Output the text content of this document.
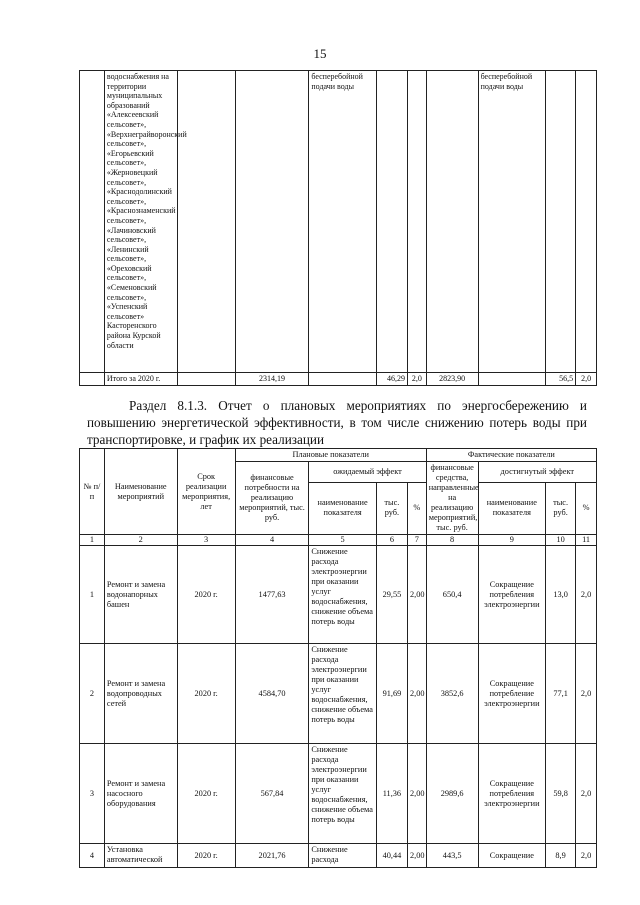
15
	водоснабжения на территории муниципальных образований «Алексеевский сельсовет», «Верхнеграйворонский сельсовет», «Егорьевский сельсовет», «Жерновецкий сельсовет», «Краснодолинский сельсовет», «Краснознаменский сельсовет», «Лачиновский сельсовет», «Ленинский сельсовет», «Ореховский сельсовет», «Семеновский сельсовет», «Успенский сельсовет» Касторенского района Курской области			бесперебойной подачи воды				бесперебойной подачи воды		
	Итого за 2020 г.		2314,19		46,29	2,0	2823,90		56,5	2,0
Раздел 8.1.3. Отчет о плановых мероприятиях по энергосбережению и повышению энергетической эффективности, в том числе снижению потерь воды при транспортировке, и график их реализации
№ п/п	Наименование мероприятий	Срок реализации мероприятия, лет	Плановые показатели				Фактические показатели			
			финансовые потребности на реализацию мероприятий, тыс. руб.	ожидаемый эффект			финансовые средства, направленные на реализацию мероприятий, тыс. руб.	достигнутый эффект		
				наименование показателя	тыс. руб.	%		наименование показателя	тыс. руб.	%
1	2	3	4	5	6	7	8	9	10	11
1	Ремонт и замена водонапорных башен	2020 г.	1477,63	Снижение расхода электроэнергии при оказании услуг водоснабжения, снижение объема потерь воды	29,55	2,00	650,4	Сокращение потребления электроэнергии	13,0	2,0
2	Ремонт и замена водопроводных сетей	2020 г.	4584,70	Снижение расхода электроэнергии при оказании услуг водоснабжения, снижение объема потерь воды	91,69	2,00	3852,6	Сокращение потребление электроэнергии	77,1	2,0
3	Ремонт и замена насосного оборудования	2020 г.	567,84	Снижение расхода электроэнергии при оказании услуг водоснабжения, снижение объема потерь воды	11,36	2,00	2989,6	Сокращение потребления электроэнергии	59,8	2,0
4	Установка автоматической	2020 г.	2021,76	Снижение расхода	40,44	2,00	443,5	Сокращение	8,9	2,0
